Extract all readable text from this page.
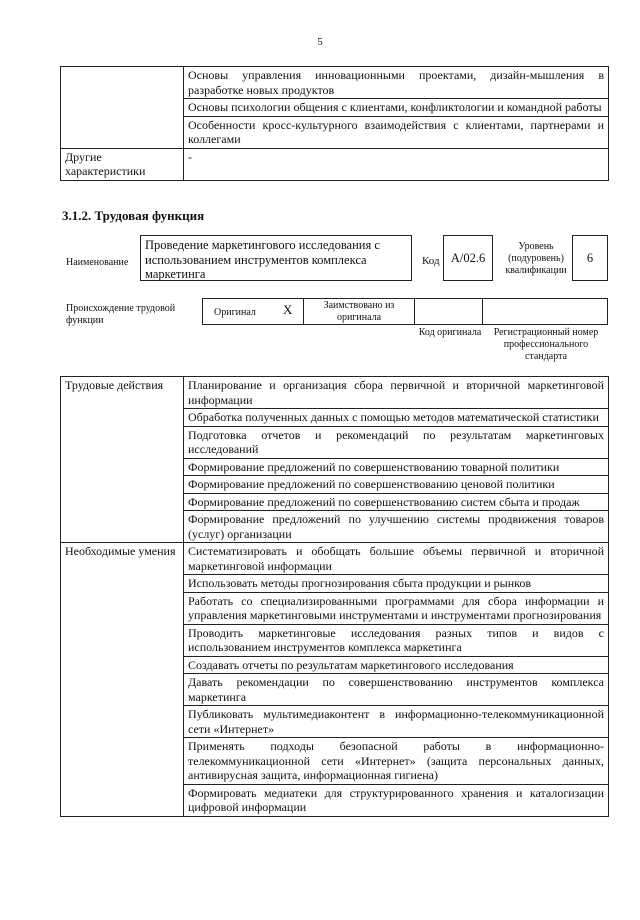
5
	Основы управления инновационными проектами, дизайн-мышления в разработке новых продуктов
	Основы психологии общения с клиентами, конфликтологии и командной работы
	Особенности кросс-культурного взаимодействия с клиентами, партнерами и коллегами
Другие характеристики	-
3.1.2. Трудовая функция
Наименование
Проведение маркетингового исследования с использованием инструментов комплекса маркетинга
Код A/02.6
Уровень (подуровень) квалификации
6
Происхождение трудовой функции
Оригинал X	Заимствовано из оригинала
Код оригинала	Регистрационный номер профессионального стандарта
Трудовые действия	Планирование и организация сбора первичной и вторичной маркетинговой информации
	Обработка полученных данных с помощью методов математической статистики
	Подготовка отчетов и рекомендаций по результатам маркетинговых исследований
	Формирование предложений по совершенствованию товарной политики
	Формирование предложений по совершенствованию ценовой политики
	Формирование предложений по совершенствованию систем сбыта и продаж
	Формирование предложений по улучшению системы продвижения товаров (услуг) организации
Необходимые умения	Систематизировать и обобщать большие объемы первичной и вторичной маркетинговой информации
	Использовать методы прогнозирования сбыта продукции и рынков
	Работать со специализированными программами для сбора информации и управления маркетинговыми инструментами и инструментами прогнозирования
	Проводить маркетинговые исследования разных типов и видов с использованием инструментов комплекса маркетинга
	Создавать отчеты по результатам маркетингового исследования
	Давать рекомендации по совершенствованию инструментов комплекса маркетинга
	Публиковать мультимедиаконтент в информационно-телекоммуникационной сети «Интернет»
	Применять подходы безопасной работы в информационно-телекоммуникационной сети «Интернет» (защита персональных данных, антивирусная защита, информационная гигиена)
	Формировать медиатеки для структурированного хранения и каталогизации цифровой информации
